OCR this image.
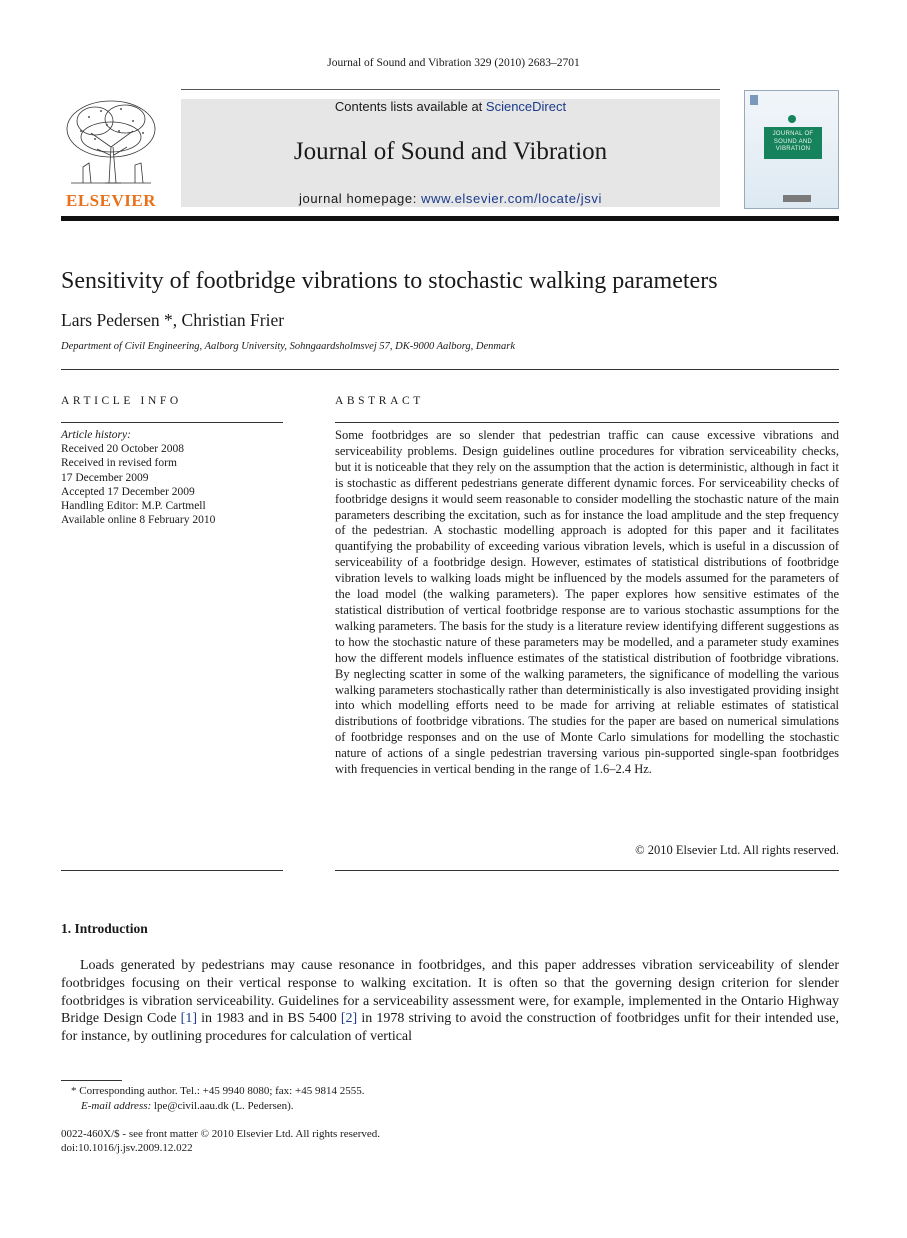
Journal of Sound and Vibration 329 (2010) 2683–2701
ELSEVIER
Contents lists available at ScienceDirect
Journal of Sound and Vibration
journal homepage: www.elsevier.com/locate/jsvi
JOURNAL OF SOUND AND VIBRATION
Sensitivity of footbridge vibrations to stochastic walking parameters
Lars Pedersen *, Christian Frier
Department of Civil Engineering, Aalborg University, Sohngaardsholmsvej 57, DK-9000 Aalborg, Denmark
ARTICLE INFO	ABSTRACT
Article history:
Received 20 October 2008
Received in revised form
17 December 2009
Accepted 17 December 2009
Handling Editor: M.P. Cartmell
Available online 8 February 2010
Some footbridges are so slender that pedestrian traffic can cause excessive vibrations and serviceability problems. Design guidelines outline procedures for vibration serviceability checks, but it is noticeable that they rely on the assumption that the action is deterministic, although in fact it is stochastic as different pedestrians generate different dynamic forces. For serviceability checks of footbridge designs it would seem reasonable to consider modelling the stochastic nature of the main parameters describing the excitation, such as for instance the load amplitude and the step frequency of the pedestrian. A stochastic modelling approach is adopted for this paper and it facilitates quantifying the probability of exceeding various vibration levels, which is useful in a discussion of serviceability of a footbridge design. However, estimates of statistical distributions of footbridge vibration levels to walking loads might be influenced by the models assumed for the parameters of the load model (the walking parameters). The paper explores how sensitive estimates of the statistical distribution of vertical footbridge response are to various stochastic assumptions for the walking parameters. The basis for the study is a literature review identifying different suggestions as to how the stochastic nature of these parameters may be modelled, and a parameter study examines how the different models influence estimates of the statistical distribution of footbridge vibrations. By neglecting scatter in some of the walking parameters, the significance of modelling the various walking parameters stochastically rather than deterministically is also investigated providing insight into which modelling efforts need to be made for arriving at reliable estimates of statistical distributions of footbridge vibrations. The studies for the paper are based on numerical simulations of footbridge responses and on the use of Monte Carlo simulations for modelling the stochastic nature of actions of a single pedestrian traversing various pin-supported single-span footbridges with frequencies in vertical bending in the range of 1.6–2.4 Hz.
© 2010 Elsevier Ltd. All rights reserved.
1. Introduction
Loads generated by pedestrians may cause resonance in footbridges, and this paper addresses vibration serviceability of slender footbridges focusing on their vertical response to walking excitation. It is often so that the governing design criterion for slender footbridges is vibration serviceability. Guidelines for a serviceability assessment were, for example, implemented in the Ontario Highway Bridge Design Code [1] in 1983 and in BS 5400 [2] in 1978 striving to avoid the construction of footbridges unfit for their intended use, for instance, by outlining procedures for calculation of vertical
* Corresponding author. Tel.: +45 9940 8080; fax: +45 9814 2555.
E-mail address: lpe@civil.aau.dk (L. Pedersen).
0022-460X/$ - see front matter © 2010 Elsevier Ltd. All rights reserved.
doi:10.1016/j.jsv.2009.12.022
